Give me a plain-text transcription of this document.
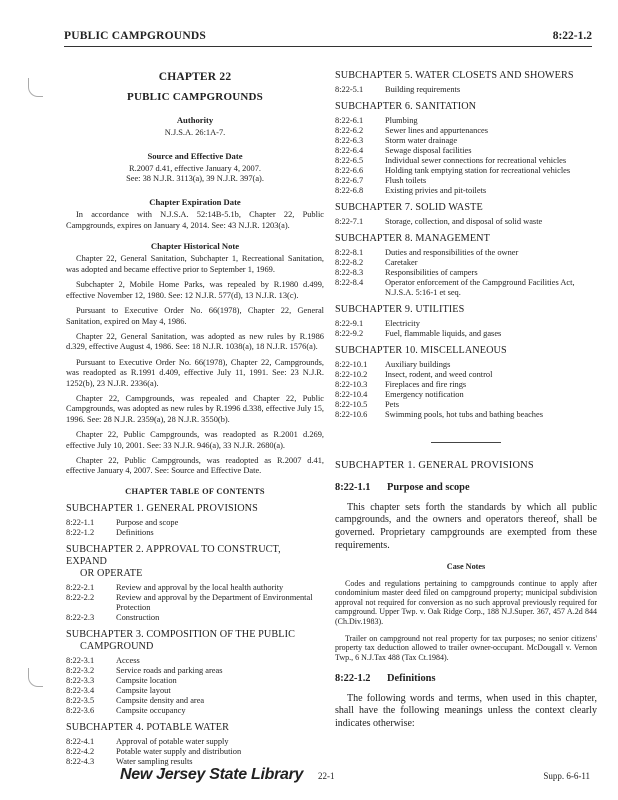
PUBLIC CAMPGROUNDS	8:22-1.2
CHAPTER 22
PUBLIC CAMPGROUNDS
Authority
N.J.S.A. 26:1A-7.
Source and Effective Date
R.2007 d.41, effective January 4, 2007.
See: 38 N.J.R. 3113(a), 39 N.J.R. 397(a).
Chapter Expiration Date
In accordance with N.J.S.A. 52:14B-5.1b, Chapter 22, Public Campgrounds, expires on January 4, 2014. See: 43 N.J.R. 1203(a).
Chapter Historical Note
Chapter 22, General Sanitation, Subchapter 1, Recreational Sanitation, was adopted and became effective prior to September 1, 1969.
Subchapter 2, Mobile Home Parks, was repealed by R.1980 d.499, effective November 12, 1980. See: 12 N.J.R. 577(d), 13 N.J.R. 13(c).
Pursuant to Executive Order No. 66(1978), Chapter 22, General Sanitation, expired on May 4, 1986.
Chapter 22, General Sanitation, was adopted as new rules by R.1986 d.329, effective August 4, 1986. See: 18 N.J.R. 1038(a), 18 N.J.R. 1576(a).
Pursuant to Executive Order No. 66(1978), Chapter 22, Campgrounds, was readopted as R.1991 d.409, effective July 11, 1991. See: 23 N.J.R. 1252(b), 23 N.J.R. 2336(a).
Chapter 22, Campgrounds, was repealed and Chapter 22, Public Campgrounds, was adopted as new rules by R.1996 d.338, effective July 15, 1996. See: 28 N.J.R. 2359(a), 28 N.J.R. 3550(b).
Chapter 22, Public Campgrounds, was readopted as R.2001 d.269, effective July 10, 2001. See: 33 N.J.R. 946(a), 33 N.J.R. 2680(a).
Chapter 22, Public Campgrounds, was readopted as R.2007 d.41, effective January 4, 2007. See: Source and Effective Date.
CHAPTER TABLE OF CONTENTS
SUBCHAPTER 1. GENERAL PROVISIONS
8:22-1.1	Purpose and scope
8:22-1.2	Definitions
SUBCHAPTER 2. APPROVAL TO CONSTRUCT, EXPAND
OR OPERATE
8:22-2.1	Review and approval by the local health authority
8:22-2.2	Review and approval by the Department of Environmental Protection
8:22-2.3	Construction
SUBCHAPTER 3. COMPOSITION OF THE PUBLIC
CAMPGROUND
8:22-3.1	Access
8:22-3.2	Service roads and parking areas
8:22-3.3	Campsite location
8:22-3.4	Campsite layout
8:22-3.5	Campsite density and area
8:22-3.6	Campsite occupancy
SUBCHAPTER 4. POTABLE WATER
8:22-4.1	Approval of potable water supply
8:22-4.2	Potable water supply and distribution
8:22-4.3	Water sampling results
SUBCHAPTER 5. WATER CLOSETS AND SHOWERS
8:22-5.1	Building requirements
SUBCHAPTER 6. SANITATION
8:22-6.1	Plumbing
8:22-6.2	Sewer lines and appurtenances
8:22-6.3	Storm water drainage
8:22-6.4	Sewage disposal facilities
8:22-6.5	Individual sewer connections for recreational vehicles
8:22-6.6	Holding tank emptying station for recreational vehicles
8:22-6.7	Flush toilets
8:22-6.8	Existing privies and pit-toilets
SUBCHAPTER 7. SOLID WASTE
8:22-7.1	Storage, collection, and disposal of solid waste
SUBCHAPTER 8. MANAGEMENT
8:22-8.1	Duties and responsibilities of the owner
8:22-8.2	Caretaker
8:22-8.3	Responsibilities of campers
8:22-8.4	Operator enforcement of the Campground Facilities Act, N.J.S.A. 5:16-1 et seq.
SUBCHAPTER 9. UTILITIES
8:22-9.1	Electricity
8:22-9.2	Fuel, flammable liquids, and gases
SUBCHAPTER 10. MISCELLANEOUS
8:22-10.1	Auxiliary buildings
8:22-10.2	Insect, rodent, and weed control
8:22-10.3	Fireplaces and fire rings
8:22-10.4	Emergency notification
8:22-10.5	Pets
8:22-10.6	Swimming pools, hot tubs and bathing beaches
SUBCHAPTER 1. GENERAL PROVISIONS
8:22-1.1 Purpose and scope
This chapter sets forth the standards by which all public campgrounds, and the owners and operators thereof, shall be governed. Proprietary campgrounds are exempted from these requirements.
Case Notes
Codes and regulations pertaining to campgrounds continue to apply after condominium master deed filed on campground property; municipal subdivision approval not required for conversion as no such approval previously required for campground. Upper Twp. v. Oak Ridge Corp., 188 N.J.Super. 367, 457 A.2d 844 (Ch.Div.1983).
Trailer on campground not real property for tax purposes; no senior citizens' property tax deduction allowed to trailer owner-occupant. McDougall v. Vernon Twp., 6 N.J.Tax 488 (Tax Ct.1984).
8:22-1.2 Definitions
The following words and terms, when used in this chapter, shall have the following meanings unless the context clearly indicates otherwise:
New Jersey State Library 22-1	Supp. 6-6-11
